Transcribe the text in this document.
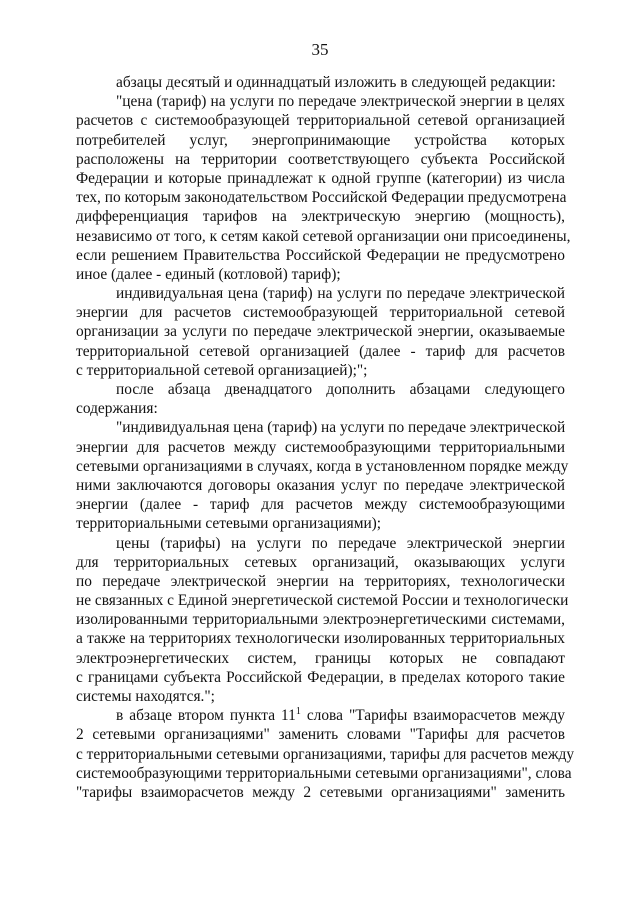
35
абзацы десятый и одиннадцатый изложить в следующей редакции:
"цена (тариф) на услуги по передаче электрической энергии в целях
расчетов с системообразующей территориальной сетевой организацией
потребителей услуг, энергопринимающие устройства которых
расположены на территории соответствующего субъекта Российской
Федерации и которые принадлежат к одной группе (категории) из числа
тех, по которым законодательством Российской Федерации предусмотрена
дифференциация тарифов на электрическую энергию (мощность),
независимо от того, к сетям какой сетевой организации они присоединены,
если решением Правительства Российской Федерации не предусмотрено
иное (далее - единый (котловой) тариф);
индивидуальная цена (тариф) на услуги по передаче электрической
энергии для расчетов системообразующей территориальной сетевой
организации за услуги по передаче электрической энергии, оказываемые
территориальной сетевой организацией (далее - тариф для расчетов
с территориальной сетевой организацией);";
после абзаца двенадцатого дополнить абзацами следующего
содержания:
"индивидуальная цена (тариф) на услуги по передаче электрической
энергии для расчетов между системообразующими территориальными
сетевыми организациями в случаях, когда в установленном порядке между
ними заключаются договоры оказания услуг по передаче электрической
энергии (далее - тариф для расчетов между системообразующими
территориальными сетевыми организациями);
цены (тарифы) на услуги по передаче электрической энергии
для территориальных сетевых организаций, оказывающих услуги
по передаче электрической энергии на территориях, технологически
не связанных с Единой энергетической системой России и технологически
изолированными территориальными электроэнергетическими системами,
а также на территориях технологически изолированных территориальных
электроэнергетических систем, границы которых не совпадают
с границами субъекта Российской Федерации, в пределах которого такие
системы находятся.";
в абзаце втором пункта $11^1$ слова "Тарифы взаиморасчетов между
2 сетевыми организациями" заменить словами "Тарифы для расчетов
с территориальными сетевыми организациями, тарифы для расчетов между
системообразующими территориальными сетевыми организациями", слова
"тарифы взаиморасчетов между 2 сетевыми организациями" заменить
